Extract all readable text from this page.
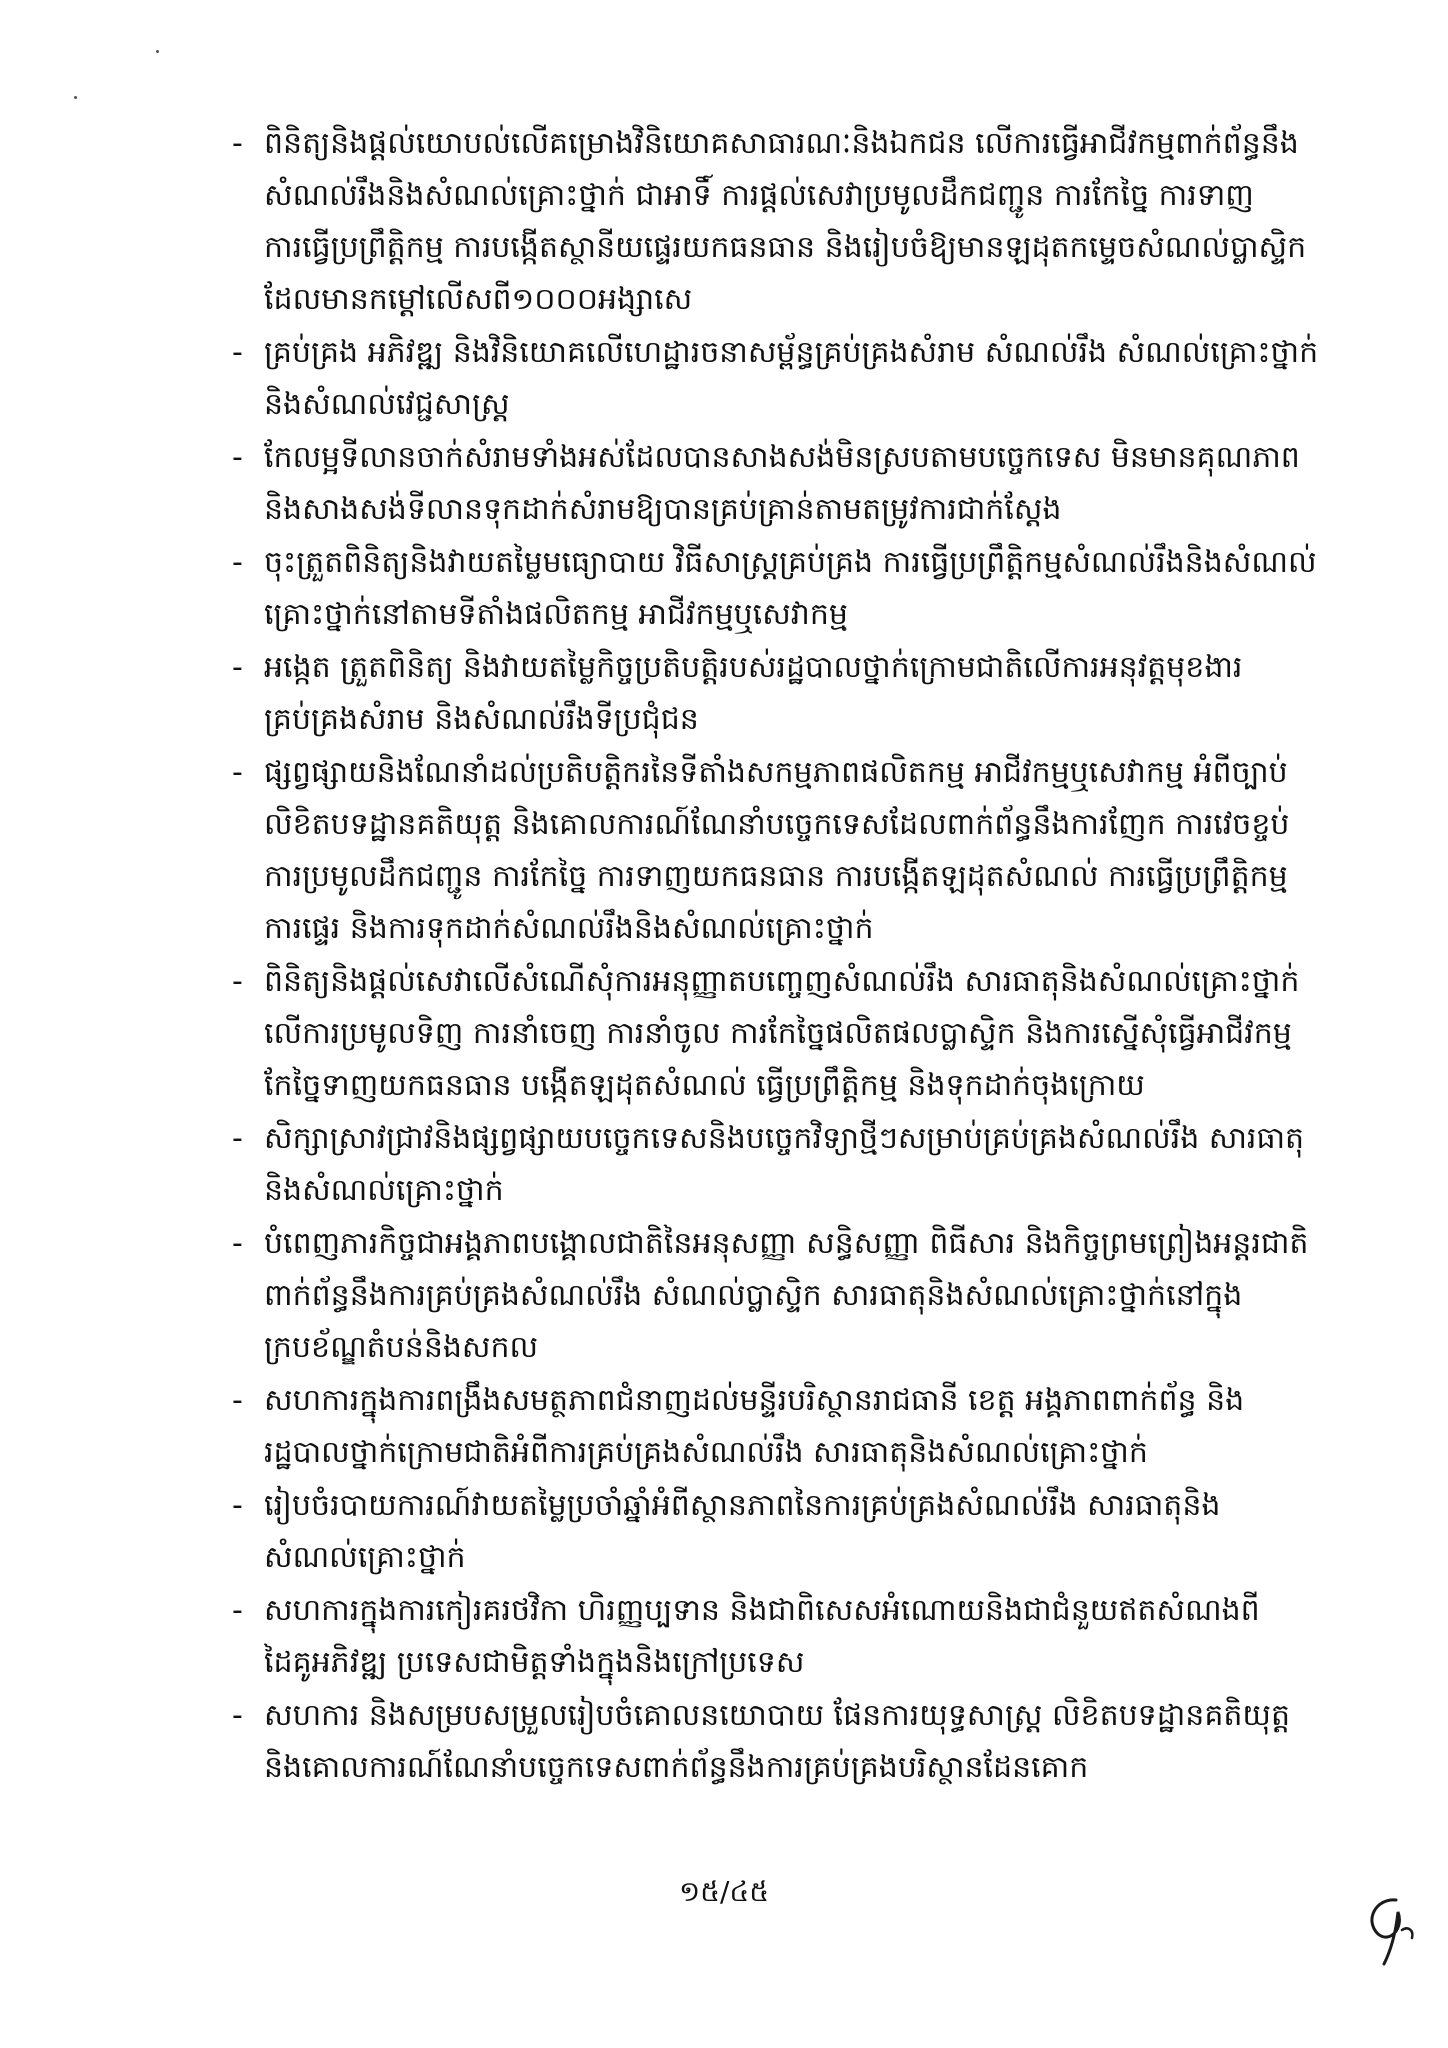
- ពិនិត្យនិងផ្តល់យោបល់លើគម្រោងវិនិយោគសាធារណៈនិងឯកជន លើការធ្វើអាជីវកម្មពាក់ព័ន្ធនឹង
សំណល់រឹងនិងសំណល់គ្រោះថ្នាក់ ជាអាទិ៍ ការផ្តល់សេវាប្រមូលដឹកជញ្ជូន ការកែច្នៃ ការទាញ
ការធ្វើប្រព្រឹត្តិកម្ម ការបង្កើតស្ថានីយផ្ទេរយកធនធាន និងរៀបចំឱ្យមានឡដុតកម្ទេចសំណល់ប្លាស្ទិក
ដែលមានកម្តៅលើសពី១០០០អង្សាសេ
- គ្រប់គ្រង អភិវឌ្ឍ និងវិនិយោគលើហេដ្ឋារចនាសម្ព័ន្ធគ្រប់គ្រងសំរាម សំណល់រឹង សំណល់គ្រោះថ្នាក់
និងសំណល់វេជ្ជសាស្ត្រ
- កែលម្អទីលានចាក់សំរាមទាំងអស់ដែលបានសាងសង់មិនស្របតាមបច្ចេកទេស មិនមានគុណភាព
និងសាងសង់ទីលានទុកដាក់សំរាមឱ្យបានគ្រប់គ្រាន់តាមតម្រូវការជាក់ស្តែង
- ចុះត្រួតពិនិត្យនិងវាយតម្លៃមធ្យោបាយ វិធីសាស្ត្រគ្រប់គ្រង ការធ្វើប្រព្រឹត្តិកម្មសំណល់រឹងនិងសំណល់
គ្រោះថ្នាក់នៅតាមទីតាំងផលិតកម្ម អាជីវកម្មឬសេវាកម្ម
- អង្កេត ត្រួតពិនិត្យ និងវាយតម្លៃកិច្ចប្រតិបត្តិរបស់រដ្ឋបាលថ្នាក់ក្រោមជាតិលើការអនុវត្តមុខងារ
គ្រប់គ្រងសំរាម និងសំណល់រឹងទីប្រជុំជន
- ផ្សព្វផ្សាយនិងណែនាំដល់ប្រតិបត្តិករនៃទីតាំងសកម្មភាពផលិតកម្ម អាជីវកម្មឬសេវាកម្ម អំពីច្បាប់
លិខិតបទដ្ឋានគតិយុត្ត និងគោលការណ៍ណែនាំបច្ចេកទេសដែលពាក់ព័ន្ធនឹងការញែក ការវេចខ្ចប់
ការប្រមូលដឹកជញ្ជូន ការកែច្នៃ ការទាញយកធនធាន ការបង្កើតឡដុតសំណល់ ការធ្វើប្រព្រឹត្តិកម្ម
ការផ្ទេរ និងការទុកដាក់សំណល់រឹងនិងសំណល់គ្រោះថ្នាក់
- ពិនិត្យនិងផ្តល់សេវាលើសំណើសុំការអនុញ្ញាតបញ្ចេញសំណល់រឹង សារធាតុនិងសំណល់គ្រោះថ្នាក់
លើការប្រមូលទិញ ការនាំចេញ ការនាំចូល ការកែច្នៃផលិតផលប្លាស្ទិក និងការស្នើសុំធ្វើអាជីវកម្ម
កែច្នៃទាញយកធនធាន បង្កើតឡដុតសំណល់ ធ្វើប្រព្រឹត្តិកម្ម និងទុកដាក់ចុងក្រោយ
- សិក្សាស្រាវជ្រាវនិងផ្សព្វផ្សាយបច្ចេកទេសនិងបច្ចេកវិទ្យាថ្មីៗសម្រាប់គ្រប់គ្រងសំណល់រឹង សារធាតុ
និងសំណល់គ្រោះថ្នាក់
- បំពេញភារកិច្ចជាអង្គភាពបង្គោលជាតិនៃអនុសញ្ញា សន្ធិសញ្ញា ពិធីសារ និងកិច្ចព្រមព្រៀងអន្តរជាតិ
ពាក់ព័ន្ធនឹងការគ្រប់គ្រងសំណល់រឹង សំណល់ប្លាស្ទិក សារធាតុនិងសំណល់គ្រោះថ្នាក់នៅក្នុង
ក្របខ័ណ្ឌតំបន់និងសកល
- សហការក្នុងការពង្រឹងសមត្ថភាពជំនាញដល់មន្ទីរបរិស្ថានរាជធានី ខេត្ត អង្គភាពពាក់ព័ន្ធ និង
រដ្ឋបាលថ្នាក់ក្រោមជាតិអំពីការគ្រប់គ្រងសំណល់រឹង សារធាតុនិងសំណល់គ្រោះថ្នាក់
- រៀបចំរបាយការណ៍វាយតម្លៃប្រចាំឆ្នាំអំពីស្ថានភាពនៃការគ្រប់គ្រងសំណល់រឹង សារធាតុនិង
សំណល់គ្រោះថ្នាក់
- សហការក្នុងការកៀរគរថវិកា ហិរញ្ញប្បទាន និងជាពិសេសអំណោយនិងជាជំនួយឥតសំណងពី
ដៃគូអភិវឌ្ឍ ប្រទេសជាមិត្តទាំងក្នុងនិងក្រៅប្រទេស
- សហការ និងសម្របសម្រួលរៀបចំគោលនយោបាយ ផែនការយុទ្ធសាស្ត្រ លិខិតបទដ្ឋានគតិយុត្ត
និងគោលការណ៍ណែនាំបច្ចេកទេសពាក់ព័ន្ធនឹងការគ្រប់គ្រងបរិស្ថានដែនគោក
១៥/៤៥
